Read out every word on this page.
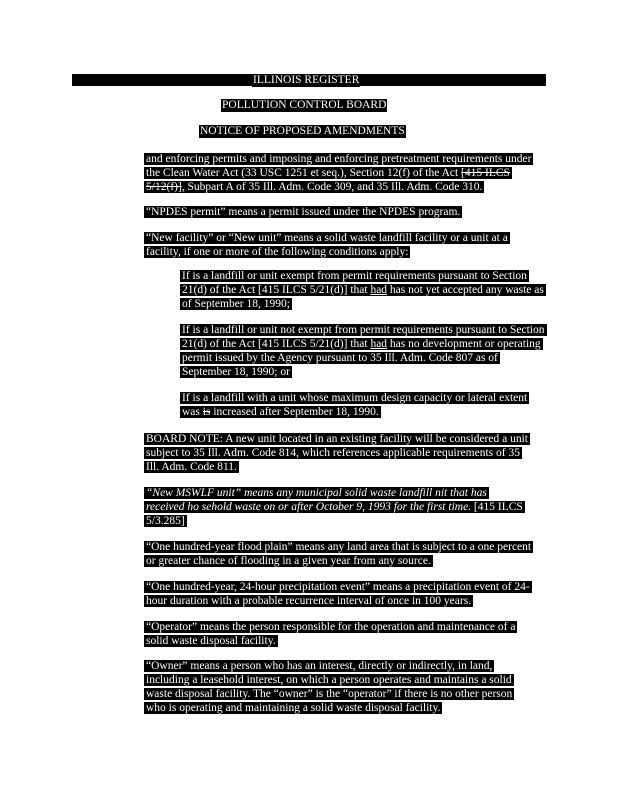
ILLINOIS REGISTER
POLLUTION CONTROL BOARD
NOTICE OF PROPOSED AMENDMENTS
and enforcing permits and imposing and enforcing pretreatment requirements under the Clean Water Act (33 USC 1251 et seq.), Section 12(f) of the Act [415 ILCS 5/12(f)], Subpart A of 35 Ill. Adm. Code 309, and 35 Ill. Adm. Code 310.
“NPDES permit” means a permit issued under the NPDES program.
“New facility” or “New unit” means a solid waste landfill facility or a unit at a facility, if one or more of the following conditions apply:
If is a landfill or unit exempt from permit requirements pursuant to Section 21(d) of the Act [415 ILCS 5/21(d)] that had has not yet accepted any waste as of September 18, 1990;
If is a landfill or unit not exempt from permit requirements pursuant to Section 21(d) of the Act [415 ILCS 5/21(d)] that had has no development or operating permit issued by the Agency pursuant to 35 Ill. Adm. Code 807 as of September 18, 1990; or
If is a landfill with a unit whose maximum design capacity or lateral extent was is increased after September 18, 1990.
BOARD NOTE: A new unit located in an existing facility will be considered a unit subject to 35 Ill. Adm. Code 814, which references applicable requirements of 35 Ill. Adm. Code 811.
“New MSWLF unit” means any municipal solid waste landfill nit that has received ho sehold waste on or after October 9, 1993 for the first time. [415 ILCS 5/3.285]
“One hundred-year flood plain” means any land area that is subject to a one percent or greater chance of flooding in a given year from any source.
“One hundred-year, 24-hour precipitation event” means a precipitation event of 24-hour duration with a probable recurrence interval of once in 100 years.
“Operator” means the person responsible for the operation and maintenance of a solid waste disposal facility.
“Owner” means a person who has an interest, directly or indirectly, in land, including a leasehold interest, on which a person operates and maintains a solid waste disposal facility. The “owner” is the “operator” if there is no other person who is operating and maintaining a solid waste disposal facility.
